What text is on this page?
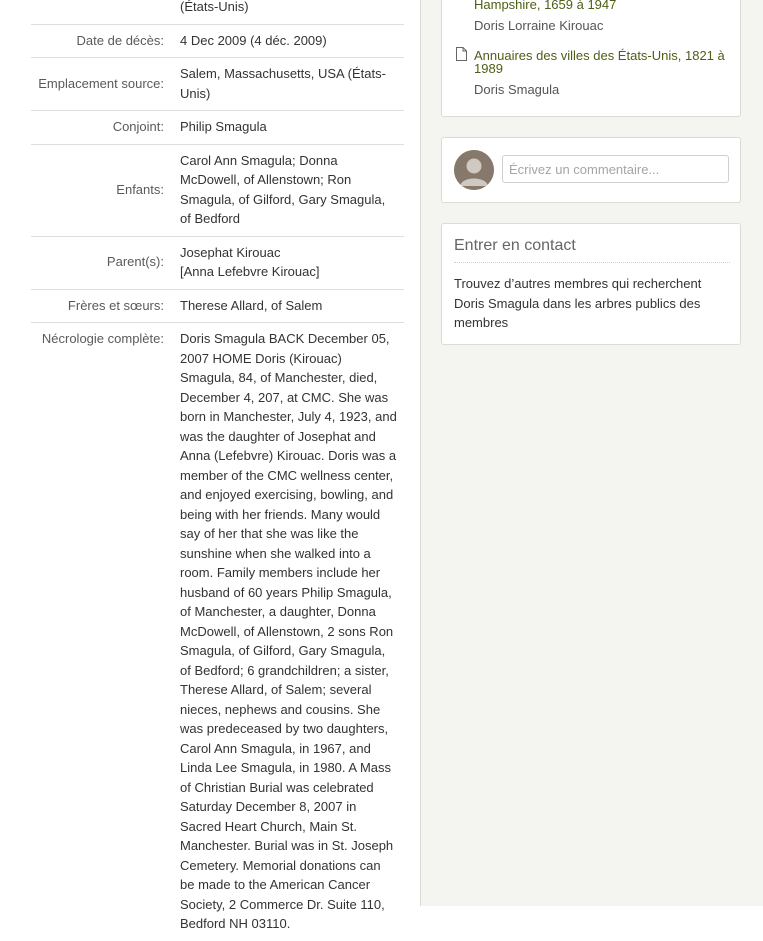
	(États-Unis)
Date de décès:	4 Dec 2009 (4 déc. 2009)
Emplacement source:	Salem, Massachusetts, USA (États-Unis)
Conjoint:	Philip Smagula
Enfants:	Carol Ann Smagula; Donna McDowell, of Allenstown; Ron Smagula, of Gilford, Gary Smagula, of Bedford
Parent(s):	Josephat Kirouac
[Anna Lefebvre Kirouac]

Frères et sœurs:	Therese Allard, of Salem
Nécrologie complète:	Doris Smagula BACK December 05, 2007 HOME Doris (Kirouac) Smagula, 84, of Manchester, died, December 4, 207, at CMC. She was born in Manchester, July 4, 1923, and was the daughter of Josephat and Anna (Lefebvre) Kirouac. Doris was a member of the CMC wellness center, and enjoyed exercising, bowling, and being with her friends. Many would say of her that she was like the sunshine when she walked into a room. Family members include her husband of 60 years Philip Smagula, of Manchester, a daughter, Donna McDowell, of Allenstown, 2 sons Ron Smagula, of Gilford, Gary Smagula, of Bedford; 6 grandchildren; a sister, Therese Allard, of Salem; several nieces, nephews and cousins. She was predeceased by two daughters, Carol Ann Smagula, in 1967, and Linda Lee Smagula, in 1980. A Mass of Christian Burial was celebrated Saturday December 8, 2007 in Sacred Heart Church, Main St. Manchester. Burial was in St. Joseph Cemetery. Memorial donations can be made to the American Cancer Society, 2 Commerce Dr. Suite 110, Bedford NH 03110.
Hampshire, 1659 à 1947
Doris Lorraine Kirouac
Annuaires des villes des États-Unis, 1821 à
1989
Doris Smagula
Écrivez un commentaire...
Entrer en contact
Trouvez d’autres membres qui recherchent Doris Smagula dans les arbres publics des membres
